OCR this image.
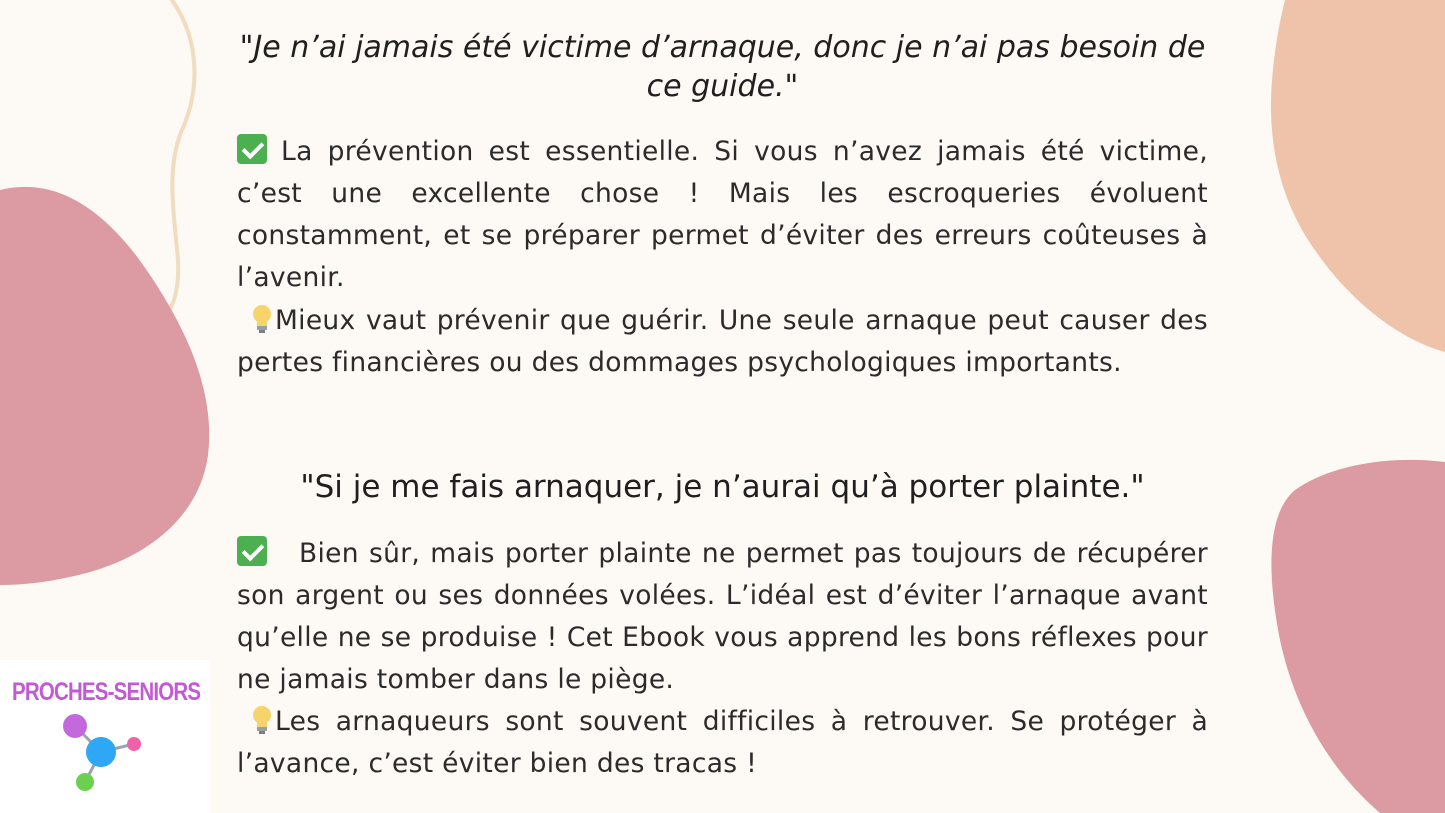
PROCHES-SENIORS

"Je n’ai jamais été victime d’arnaque, donc je n’ai pas besoin de ce guide."

La prévention est essentielle. Si vous n’avez jamais été victime, c’est une excellente chose ! Mais les escroqueries évoluent constamment, et se préparer permet d’éviter des erreurs coûteuses à l’avenir.

Mieux vaut prévenir que guérir. Une seule arnaque peut causer des pertes financières ou des dommages psychologiques importants.

"Si je me fais arnaquer, je n’aurai qu’à porter plainte."

Bien sûr, mais porter plainte ne permet pas toujours de récupérer son argent ou ses données volées. L’idéal est d’éviter l’arnaque avant qu’elle ne se produise ! Cet Ebook vous apprend les bons réflexes pour ne jamais tomber dans le piège.

Les arnaqueurs sont souvent difficiles à retrouver. Se protéger à l’avance, c’est éviter bien des tracas !
